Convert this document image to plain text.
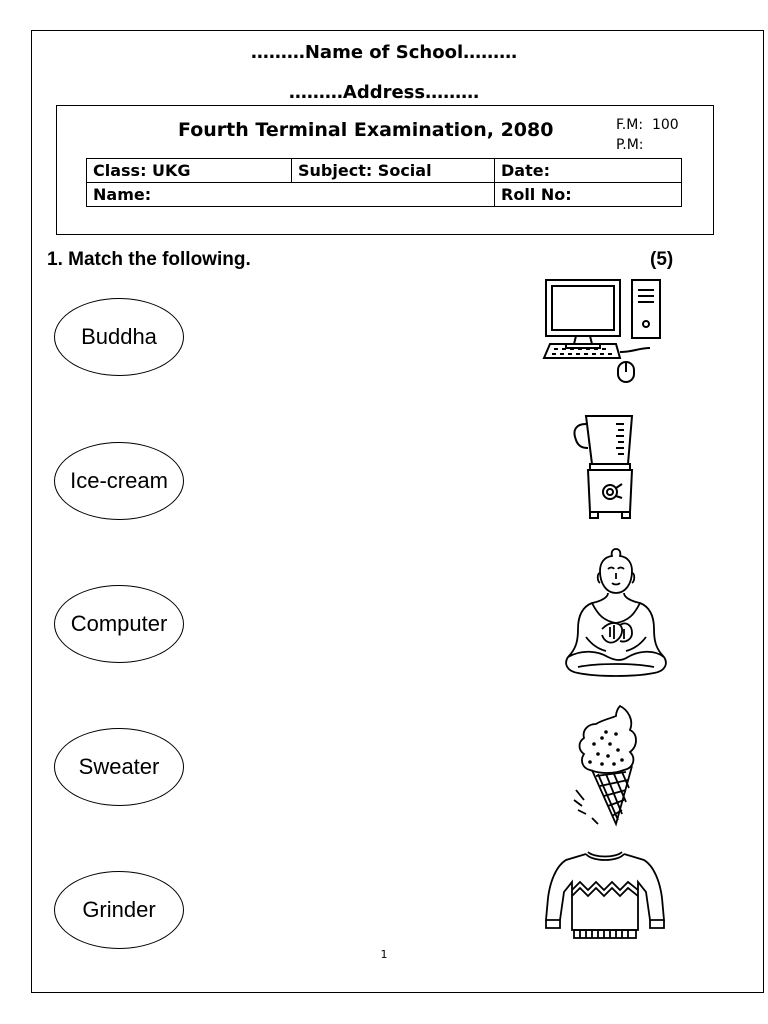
………Name of School………
………Address………
Fourth Terminal Examination, 2080	F.M: 100
P.M:
Class: UKG	Subject: Social	Date:
Name:		Roll No:
1. Match the following.	(5)
Buddha
Ice-cream
Computer
Sweater
Grinder
1
